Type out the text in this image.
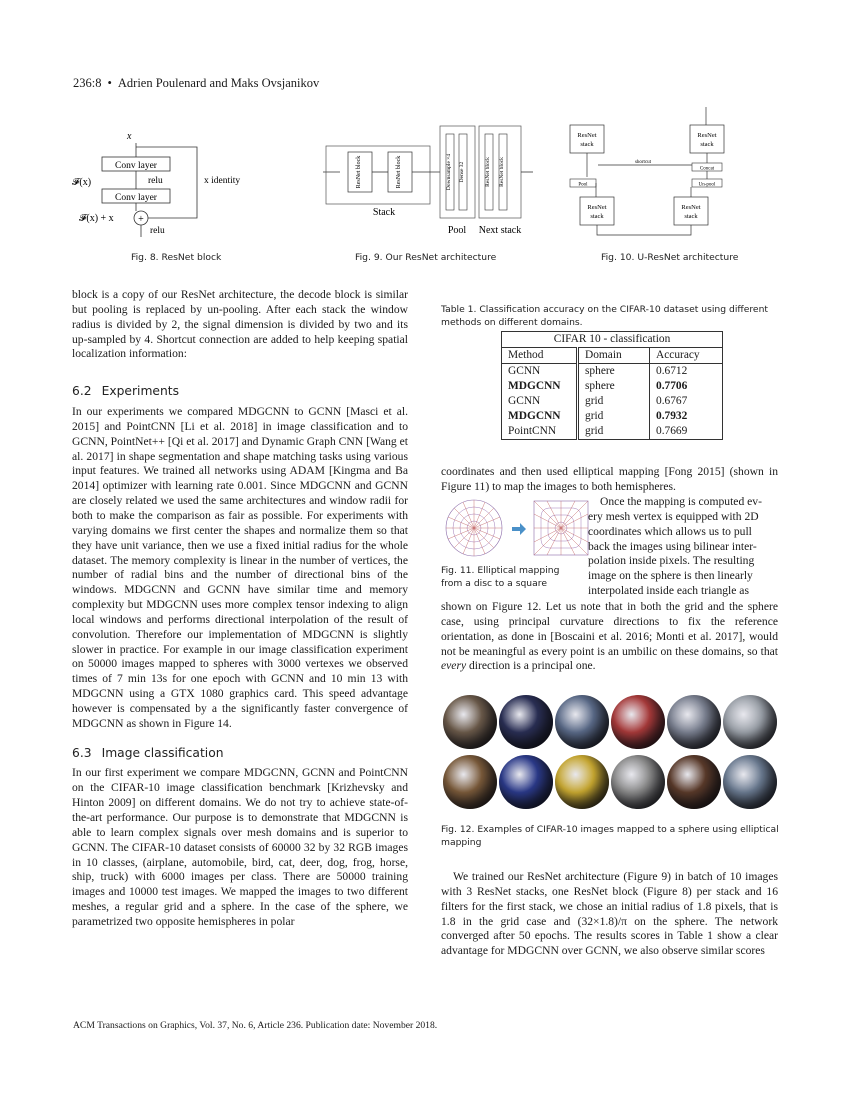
236:8 • Adrien Poulenard and Maks Ovsjanikov
x
Conv layer
relu
𝓕(x)
Conv layer
+
relu
𝓕(x) + x
x identity
Fig. 8. ResNet block
ResNet block	ResNet block
Stack
Downsample ×4 Dense 32
Pool
ResNet block ResNet block
Next stack
Fig. 9. Our ResNet architecture
ResNet
stack
ResNet
stack
shortcut
Concat
Pool	Un-pool
ResNet
stack
ResNet
stack
Fig. 10. U-ResNet architecture

block is a copy of our ResNet architecture, the decode block is similar but pooling is replaced by un-pooling. After each stack the window radius is divided by 2, the signal dimension is divided by two and its up-sampled by 4. Shortcut connection are added to help keeping spatial localization information:

6.2 Experiments

In our experiments we compared MDGCNN to GCNN [Masci et al. 2015] and PointCNN [Li et al. 2018] in image classification and to GCNN, PointNet++ [Qi et al. 2017] and Dynamic Graph CNN [Wang et al. 2017] in shape segmentation and shape matching tasks using various input features. We trained all networks using ADAM [Kingma and Ba 2014] optimizer with learning rate 0.001. Since MDGCNN and GCNN are closely related we used the same architectures and window radii for both to make the comparison as fair as possible. For experiments with varying domains we first center the shapes and normalize them so that they have unit variance, then we use a fixed initial radius for the whole dataset. The memory complexity is linear in the number of vertices, the number of radial bins and the number of directional bins of the windows. MDGCNN and GCNN have similar time and memory complexity but MDGCNN uses more complex tensor indexing to align local windows and performs directional interpolation of the result of convolution. Therefore our implementation of MDGCNN is slightly slower in practice. For example in our image classification experiment on 50000 images mapped to spheres with 3000 vertexes we observed times of 7 min 13s for one epoch with GCNN and 10 min 13 with MDGCNN using a GTX 1080 graphics card. This speed advantage however is compensated by a the significantly faster convergence of MDGCNN as shown in Figure 14.

6.3 Image classification

In our first experiment we compare MDGCNN, GCNN and PointCNN on the CIFAR-10 image classification benchmark [Krizhevsky and Hinton 2009] on different domains. We do not try to achieve state-of-the-art performance. Our purpose is to demonstrate that MDGCNN is able to learn complex signals over mesh domains and is superior to GCNN. The CIFAR-10 dataset consists of 60000 32 by 32 RGB images in 10 classes, (airplane, automobile, bird, cat, deer, dog, frog, horse, ship, truck) with 6000 images per class. There are 50000 training images and 10000 test images. We mapped the images to two different meshes, a regular grid and a sphere. In the case of the sphere, we parametrized two opposite hemispheres in polar

Table 1. Classification accuracy on the CIFAR-10 dataset using different methods on different domains.
CIFAR 10 - classification		
Method	Domain	Accuracy
GCNN	sphere	0.6712
MDGCNN	sphere	0.7706
GCNN	grid	0.6767
MDGCNN	grid	0.7932
PointCNN	grid	0.7669

coordinates and then used elliptical mapping [Fong 2015] (shown in Figure 11) to map the images to both hemispheres.

Fig. 11. Elliptical mapping
from a disc to a square
Once the mapping is computed ev-
ery mesh vertex is equipped with 2D
coordinates which allows us to pull
back the images using bilinear inter-
polation inside pixels. The resulting
image on the sphere is then linearly
interpolated inside each triangle as

shown on Figure 12. Let us note that in both the grid and the sphere case, using principal curvature directions to fix the reference orientation, as done in [Boscaini et al. 2016; Monti et al. 2017], would not be meaningful as every point is an umbilic on these domains, so that every direction is a principal one.

Fig. 12. Examples of CIFAR-10 images mapped to a sphere using elliptical mapping

We trained our ResNet architecture (Figure 9) in batch of 10 images with 3 ResNet stacks, one ResNet block (Figure 8) per stack and 16 filters for the first stack, we chose an initial radius of 1.8 pixels, that is 1.8 in the grid case and (32×1.8)/π on the sphere. The network converged after 50 epochs. The results scores in Table 1 show a clear advantage for MDGCNN over GCNN, we also observe similar scores

ACM Transactions on Graphics, Vol. 37, No. 6, Article 236. Publication date: November 2018.
